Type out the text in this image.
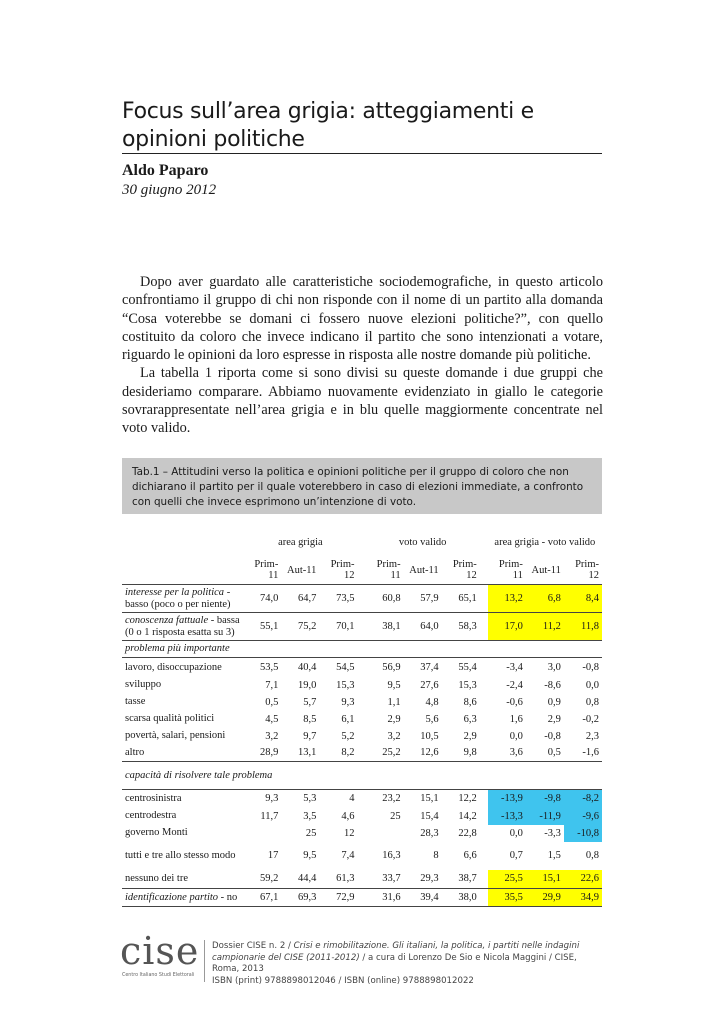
Focus sull’area grigia: atteggiamenti e opinioni politiche
Aldo Paparo
30 giugno 2012

Dopo aver guardato alle caratteristiche sociodemografiche, in questo articolo confrontiamo il gruppo di chi non risponde con il nome di un partito alla domanda “Cosa voterebbe se domani ci fossero nuove elezioni politiche?”, con quello costituito da coloro che invece indicano il partito che sono intenzionati a votare, riguardo le opinioni da loro espresse in risposta alle nostre domande più politiche.

La tabella 1 riporta come si sono divisi su queste domande i due gruppi che desideriamo comparare. Abbiamo nuovamente evidenziato in giallo le categorie sovrarappresentate nell’area grigia e in blu quelle maggiormente concentrate nel voto valido.

Tab.1 – Attitudini verso la politica e opinioni politiche per il gruppo di coloro che non dichiarano il partito per il quale voterebbero in caso di elezioni immediate, a confronto con quelli che invece esprimono un’intenzione di voto.
	area grigia				voto valido				area grigia - voto valido		
	Prim-11	Aut-11	Prim-12		Prim-11	Aut-11	Prim-12		Prim-11	Aut-11	Prim-12
interesse per la politica - basso (poco o per niente)	74,0	64,7	73,5		60,8	57,9	65,1		13,2	6,8	8,4
conoscenza fattuale - bassa (0 o 1 risposta esatta su 3)	55,1	75,2	70,1		38,1	64,0	58,3		17,0	11,2	11,8
problema più importante											
lavoro, disoccupazione	53,5	40,4	54,5		56,9	37,4	55,4		-3,4	3,0	-0,8
sviluppo	7,1	19,0	15,3		9,5	27,6	15,3		-2,4	-8,6	0,0
tasse	0,5	5,7	9,3		1,1	4,8	8,6		-0,6	0,9	0,8
scarsa qualità politici	4,5	8,5	6,1		2,9	5,6	6,3		1,6	2,9	-0,2
povertà, salari, pensioni	3,2	9,7	5,2		3,2	10,5	2,9		0,0	-0,8	2,3
altro	28,9	13,1	8,2		25,2	12,6	9,8		3,6	0,5	-1,6
capacità di risolvere tale problema											
centrosinistra	9,3	5,3	4		23,2	15,1	12,2		-13,9	-9,8	-8,2
centrodestra	11,7	3,5	4,6		25	15,4	14,2		-13,3	-11,9	-9,6
governo Monti		25	12			28,3	22,8		0,0	-3,3	-10,8
tutti e tre allo stesso modo	17	9,5	7,4		16,3	8	6,6		0,7	1,5	0,8
nessuno dei tre	59,2	44,4	61,3		33,7	29,3	38,7		25,5	15,1	22,6
identificazione partito - no	67,1	69,3	72,9		31,6	39,4	38,0		35,5	29,9	34,9
cise
Centro Italiano Studi Elettorali
Dossier CISE n. 2 / Crisi e rimobilitazione. Gli italiani, la politica, i partiti nelle indagini campionarie del CISE (2011-2012) / a cura di Lorenzo De Sio e Nicola Maggini / CISE, Roma, 2013
ISBN (print) 9788898012046 / ISBN (online) 9788898012022
